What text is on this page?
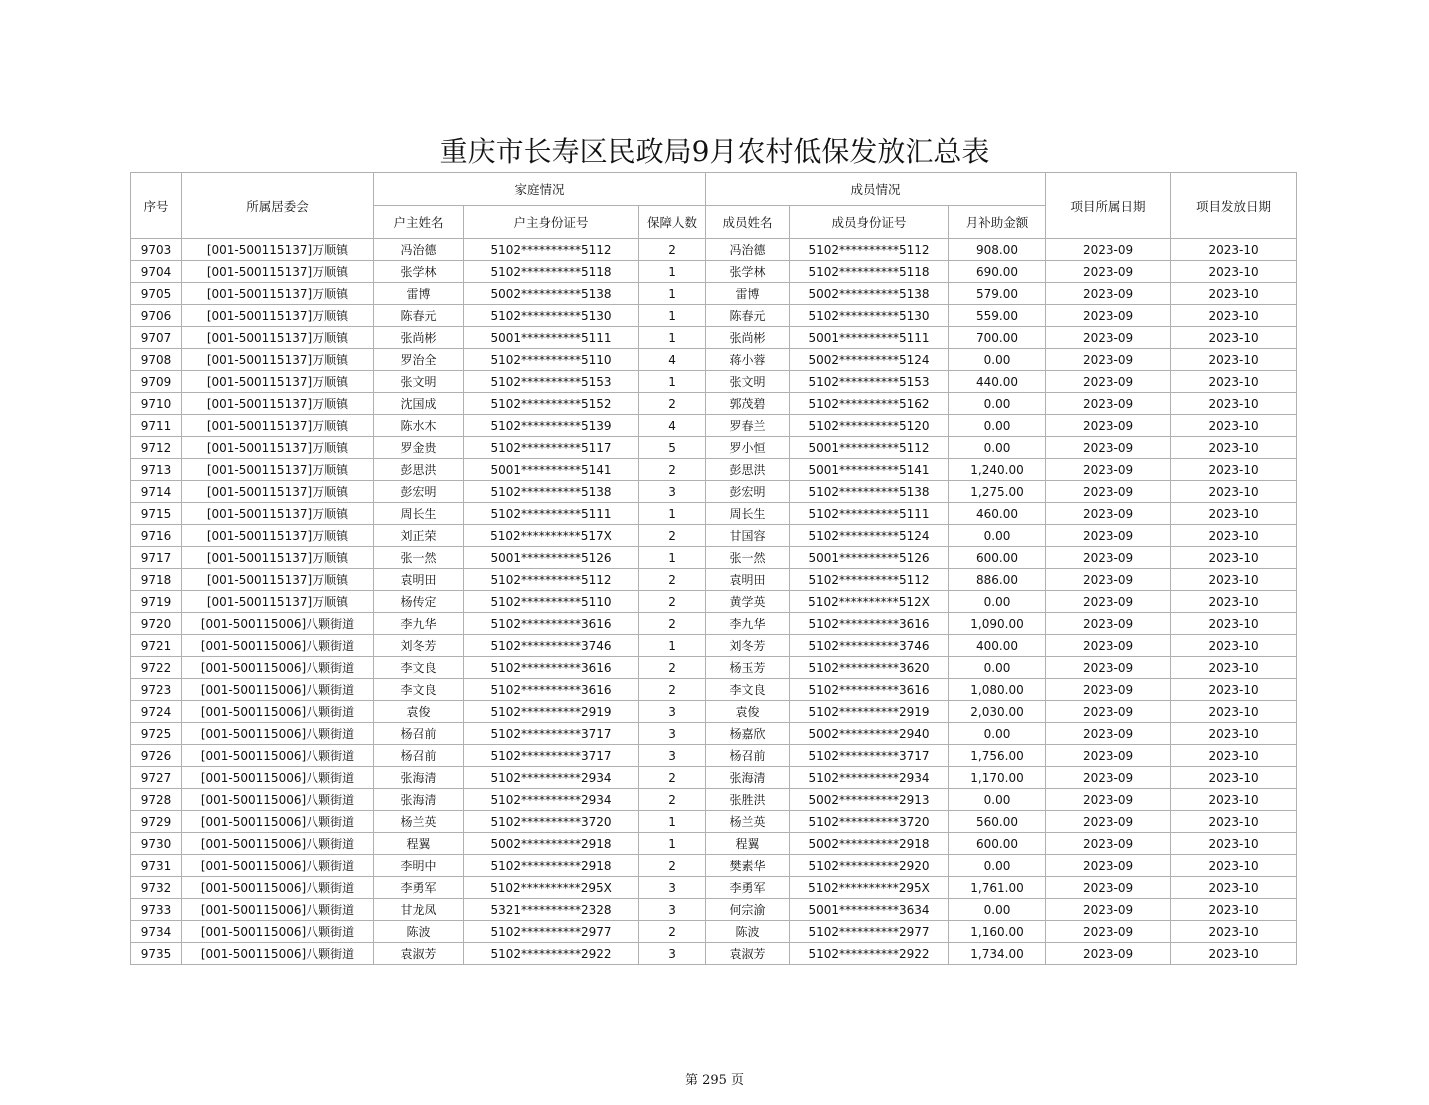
重庆市长寿区民政局9月农村低保发放汇总表
序号	所属居委会	家庭情况			成员情况			项目所属日期	项目发放日期
		户主姓名	户主身份证号	保障人数	成员姓名	成员身份证号	月补助金额		
9703	[001-500115137]万顺镇	冯治德	5102**********5112	2	冯治德	5102**********5112	908.00	2023-09	2023-10
9704	[001-500115137]万顺镇	张学林	5102**********5118	1	张学林	5102**********5118	690.00	2023-09	2023-10
9705	[001-500115137]万顺镇	雷博	5002**********5138	1	雷博	5002**********5138	579.00	2023-09	2023-10
9706	[001-500115137]万顺镇	陈春元	5102**********5130	1	陈春元	5102**********5130	559.00	2023-09	2023-10
9707	[001-500115137]万顺镇	张尚彬	5001**********5111	1	张尚彬	5001**********5111	700.00	2023-09	2023-10
9708	[001-500115137]万顺镇	罗治全	5102**********5110	4	蒋小蓉	5002**********5124	0.00	2023-09	2023-10
9709	[001-500115137]万顺镇	张文明	5102**********5153	1	张文明	5102**********5153	440.00	2023-09	2023-10
9710	[001-500115137]万顺镇	沈国成	5102**********5152	2	郭茂碧	5102**********5162	0.00	2023-09	2023-10
9711	[001-500115137]万顺镇	陈水木	5102**********5139	4	罗春兰	5102**********5120	0.00	2023-09	2023-10
9712	[001-500115137]万顺镇	罗金贵	5102**********5117	5	罗小恒	5001**********5112	0.00	2023-09	2023-10
9713	[001-500115137]万顺镇	彭思洪	5001**********5141	2	彭思洪	5001**********5141	1,240.00	2023-09	2023-10
9714	[001-500115137]万顺镇	彭宏明	5102**********5138	3	彭宏明	5102**********5138	1,275.00	2023-09	2023-10
9715	[001-500115137]万顺镇	周长生	5102**********5111	1	周长生	5102**********5111	460.00	2023-09	2023-10
9716	[001-500115137]万顺镇	刘正荣	5102**********517X	2	甘国容	5102**********5124	0.00	2023-09	2023-10
9717	[001-500115137]万顺镇	张一然	5001**********5126	1	张一然	5001**********5126	600.00	2023-09	2023-10
9718	[001-500115137]万顺镇	袁明田	5102**********5112	2	袁明田	5102**********5112	886.00	2023-09	2023-10
9719	[001-500115137]万顺镇	杨传定	5102**********5110	2	黄学英	5102**********512X	0.00	2023-09	2023-10
9720	[001-500115006]八颗街道	李九华	5102**********3616	2	李九华	5102**********3616	1,090.00	2023-09	2023-10
9721	[001-500115006]八颗街道	刘冬芳	5102**********3746	1	刘冬芳	5102**********3746	400.00	2023-09	2023-10
9722	[001-500115006]八颗街道	李文良	5102**********3616	2	杨玉芳	5102**********3620	0.00	2023-09	2023-10
9723	[001-500115006]八颗街道	李文良	5102**********3616	2	李文良	5102**********3616	1,080.00	2023-09	2023-10
9724	[001-500115006]八颗街道	袁俊	5102**********2919	3	袁俊	5102**********2919	2,030.00	2023-09	2023-10
9725	[001-500115006]八颗街道	杨召前	5102**********3717	3	杨嘉欣	5002**********2940	0.00	2023-09	2023-10
9726	[001-500115006]八颗街道	杨召前	5102**********3717	3	杨召前	5102**********3717	1,756.00	2023-09	2023-10
9727	[001-500115006]八颗街道	张海清	5102**********2934	2	张海清	5102**********2934	1,170.00	2023-09	2023-10
9728	[001-500115006]八颗街道	张海清	5102**********2934	2	张胜洪	5002**********2913	0.00	2023-09	2023-10
9729	[001-500115006]八颗街道	杨兰英	5102**********3720	1	杨兰英	5102**********3720	560.00	2023-09	2023-10
9730	[001-500115006]八颗街道	程翼	5002**********2918	1	程翼	5002**********2918	600.00	2023-09	2023-10
9731	[001-500115006]八颗街道	李明中	5102**********2918	2	樊素华	5102**********2920	0.00	2023-09	2023-10
9732	[001-500115006]八颗街道	李勇军	5102**********295X	3	李勇军	5102**********295X	1,761.00	2023-09	2023-10
9733	[001-500115006]八颗街道	甘龙凤	5321**********2328	3	何宗渝	5001**********3634	0.00	2023-09	2023-10
9734	[001-500115006]八颗街道	陈波	5102**********2977	2	陈波	5102**********2977	1,160.00	2023-09	2023-10
9735	[001-500115006]八颗街道	袁淑芳	5102**********2922	3	袁淑芳	5102**********2922	1,734.00	2023-09	2023-10
第 295 页
